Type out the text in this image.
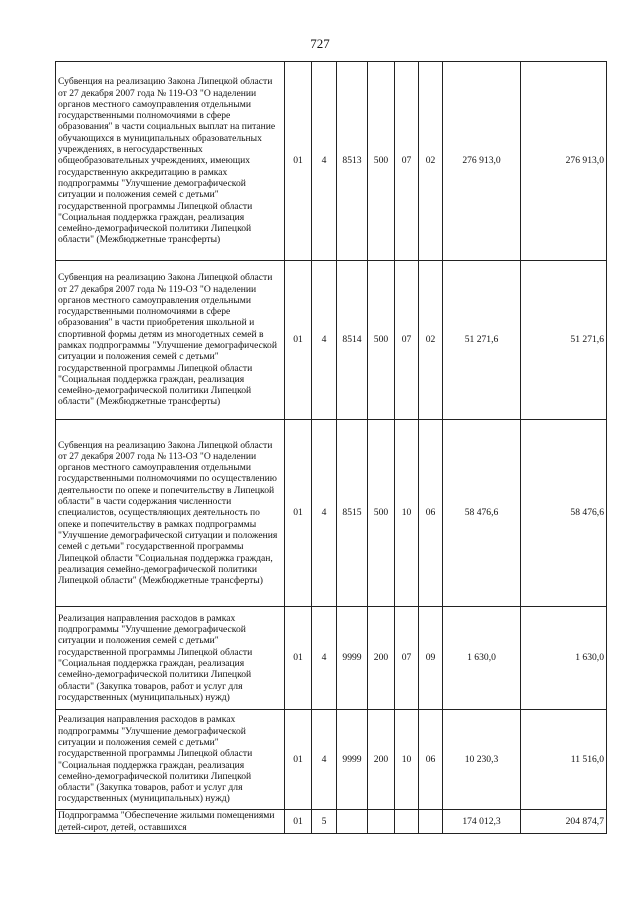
727
Субвенция на реализацию Закона Липецкой области от 27 декабря 2007 года № 119-ОЗ "О наделении органов местного самоуправления отдельными государственными полномочиями в сфере образования" в части социальных выплат на питание обучающихся в муниципальных образовательных учреждениях, в негосударственных общеобразовательных учреждениях, имеющих государственную аккредитацию в рамках подпрограммы "Улучшение демографической ситуации и положения семей с детьми" государственной программы Липецкой области "Социальная поддержка граждан, реализация семейно-демографической политики Липецкой области" (Межбюджетные трансферты)	01	4	8513	500	07	02	276 913,0	276 913,0
Субвенция на реализацию Закона Липецкой области от 27 декабря 2007 года № 119-ОЗ "О наделении органов местного самоуправления отдельными государственными полномочиями в сфере образования" в части приобретения школьной и спортивной формы детям из многодетных семей в рамках подпрограммы "Улучшение демографической ситуации и положения семей с детьми" государственной программы Липецкой области "Социальная поддержка граждан, реализация семейно-демографической политики Липецкой области" (Межбюджетные трансферты)	01	4	8514	500	07	02	51 271,6	51 271,6
Субвенция на реализацию Закона Липецкой области от 27 декабря 2007 года № 113-ОЗ "О наделении органов местного самоуправления отдельными государственными полномочиями по осуществлению деятельности по опеке и попечительству в Липецкой области" в части содержания численности специалистов, осуществляющих деятельность по опеке и попечительству в рамках подпрограммы "Улучшение демографической ситуации и положения семей с детьми" государственной программы Липецкой области "Социальная поддержка граждан, реализация семейно-демографической политики Липецкой области" (Межбюджетные трансферты)	01	4	8515	500	10	06	58 476,6	58 476,6
Реализация направления расходов в рамках подпрограммы "Улучшение демографической ситуации и положения семей с детьми" государственной программы Липецкой области "Социальная поддержка граждан, реализация семейно-демографической политики Липецкой области" (Закупка товаров, работ и услуг для государственных (муниципальных) нужд)	01	4	9999	200	07	09	1 630,0	1 630,0
Реализация направления расходов в рамках подпрограммы "Улучшение демографической ситуации и положения семей с детьми" государственной программы Липецкой области "Социальная поддержка граждан, реализация семейно-демографической политики Липецкой области" (Закупка товаров, работ и услуг для государственных (муниципальных) нужд)	01	4	9999	200	10	06	10 230,3	11 516,0
Подпрограмма "Обеспечение жилыми помещениями детей-сирот, детей, оставшихся	01	5					174 012,3	204 874,7
